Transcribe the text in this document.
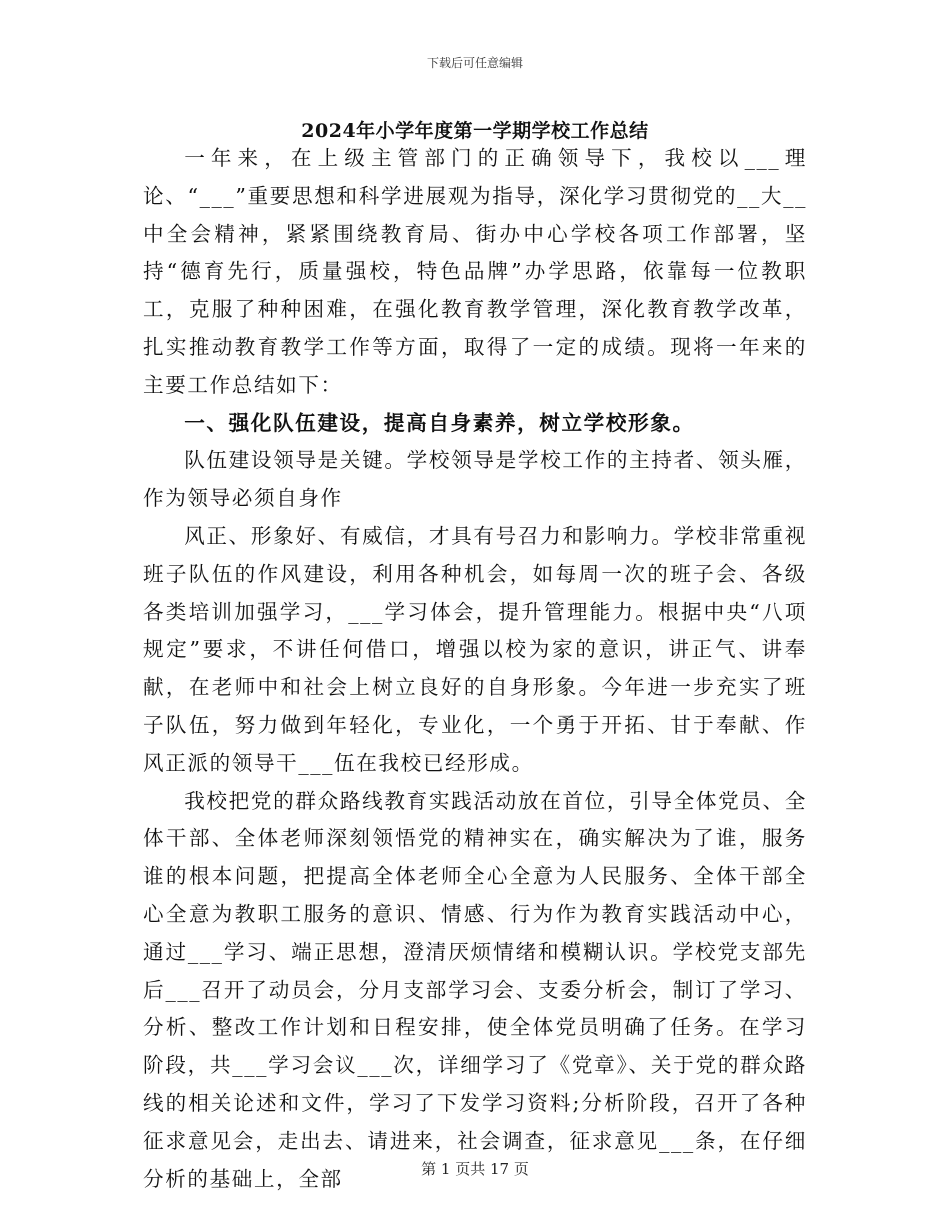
下载后可任意编辑
2024年小学年度第一学期学校工作总结

一年来，在上级主管部门的正确领导下，我校以___理论、“___”重要思想和科学进展观为指导，深化学习贯彻党的__大__中全会精神，紧紧围绕教育局、街办中心学校各项工作部署，坚持“德育先行，质量强校，特色品牌”办学思路，依靠每一位教职工，克服了种种困难，在强化教育教学管理，深化教育教学改革，扎实推动教育教学工作等方面，取得了一定的成绩。现将一年来的主要工作总结如下：

一、强化队伍建设，提高自身素养，树立学校形象。

队伍建设领导是关键。学校领导是学校工作的主持者、领头雁，作为领导必须自身作

风正、形象好、有威信，才具有号召力和影响力。学校非常重视班子队伍的作风建设，利用各种机会，如每周一次的班子会、各级各类培训加强学习，___学习体会，提升管理能力。根据中央“八项规定”要求，不讲任何借口，增强以校为家的意识，讲正气、讲奉献，在老师中和社会上树立良好的自身形象。今年进一步充实了班子队伍，努力做到年轻化，专业化，一个勇于开拓、甘于奉献、作风正派的领导干___伍在我校已经形成。

我校把党的群众路线教育实践活动放在首位，引导全体党员、全体干部、全体老师深刻领悟党的精神实在，确实解决为了谁，服务谁的根本问题，把提高全体老师全心全意为人民服务、全体干部全心全意为教职工服务的意识、情感、行为作为教育实践活动中心，通过___学习、端正思想，澄清厌烦情绪和模糊认识。学校党支部先后___召开了动员会，分月支部学习会、支委分析会，制订了学习、分析、整改工作计划和日程安排，使全体党员明确了任务。在学习阶段，共___学习会议___次，详细学习了《党章》、关于党的群众路线的相关论述和文件，学习了下发学习资料;分析阶段，召开了各种征求意见会，走出去、请进来，社会调查，征求意见___条，在仔细分析的基础上，全部	第 1 页共 17 页
